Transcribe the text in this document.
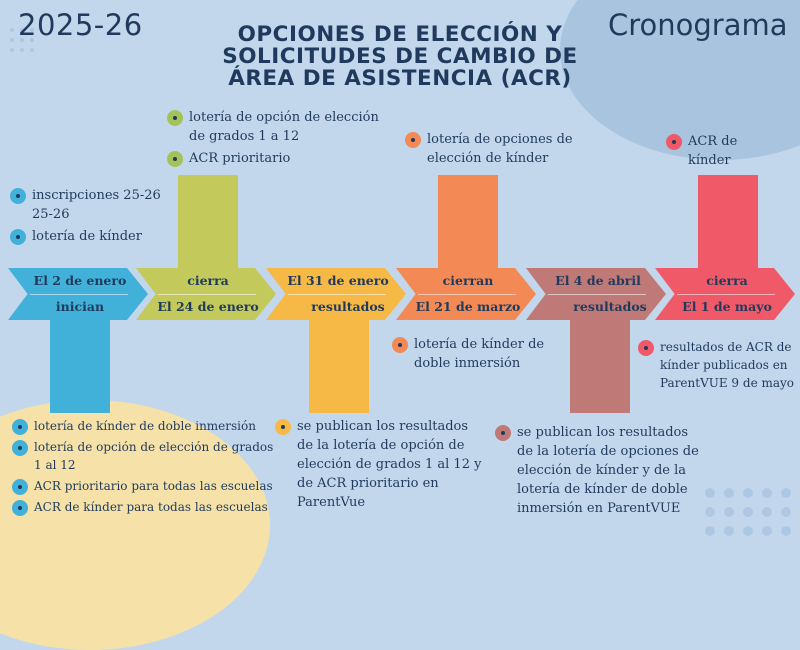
2025-26	Cronograma
OPCIONES DE ELECCIÓN Y
SOLICITUDES DE CAMBIO DE
ÁREA DE ASISTENCIA (ACR)
El 2 de enero
inician
cierra
El 24 de enero
El 31 de enero
resultados
cierran
El 21 de marzo
El 4 de abril
resultados
cierra
El 1 de mayo
inscripciones 25-26
25-26
lotería de kínder
lotería de opción de elección de grados 1 a 12
ACR prioritario
lotería de opciones de elección de kínder
ACR de kínder
lotería de kínder de doble inmersión
lotería de opción de elección de grados 1 al 12
ACR prioritario para todas las escuelas
ACR de kínder para todas las escuelas
se publican los resultados de la lotería de opción de elección de grados 1 al 12 y de ACR prioritario en ParentVue
lotería de kínder de doble inmersión
se publican los resultados de la lotería de opciones de elección de kínder y de la lotería de kínder de doble inmersión en ParentVUE
resultados de ACR de kínder publicados en ParentVUE 9 de mayo
